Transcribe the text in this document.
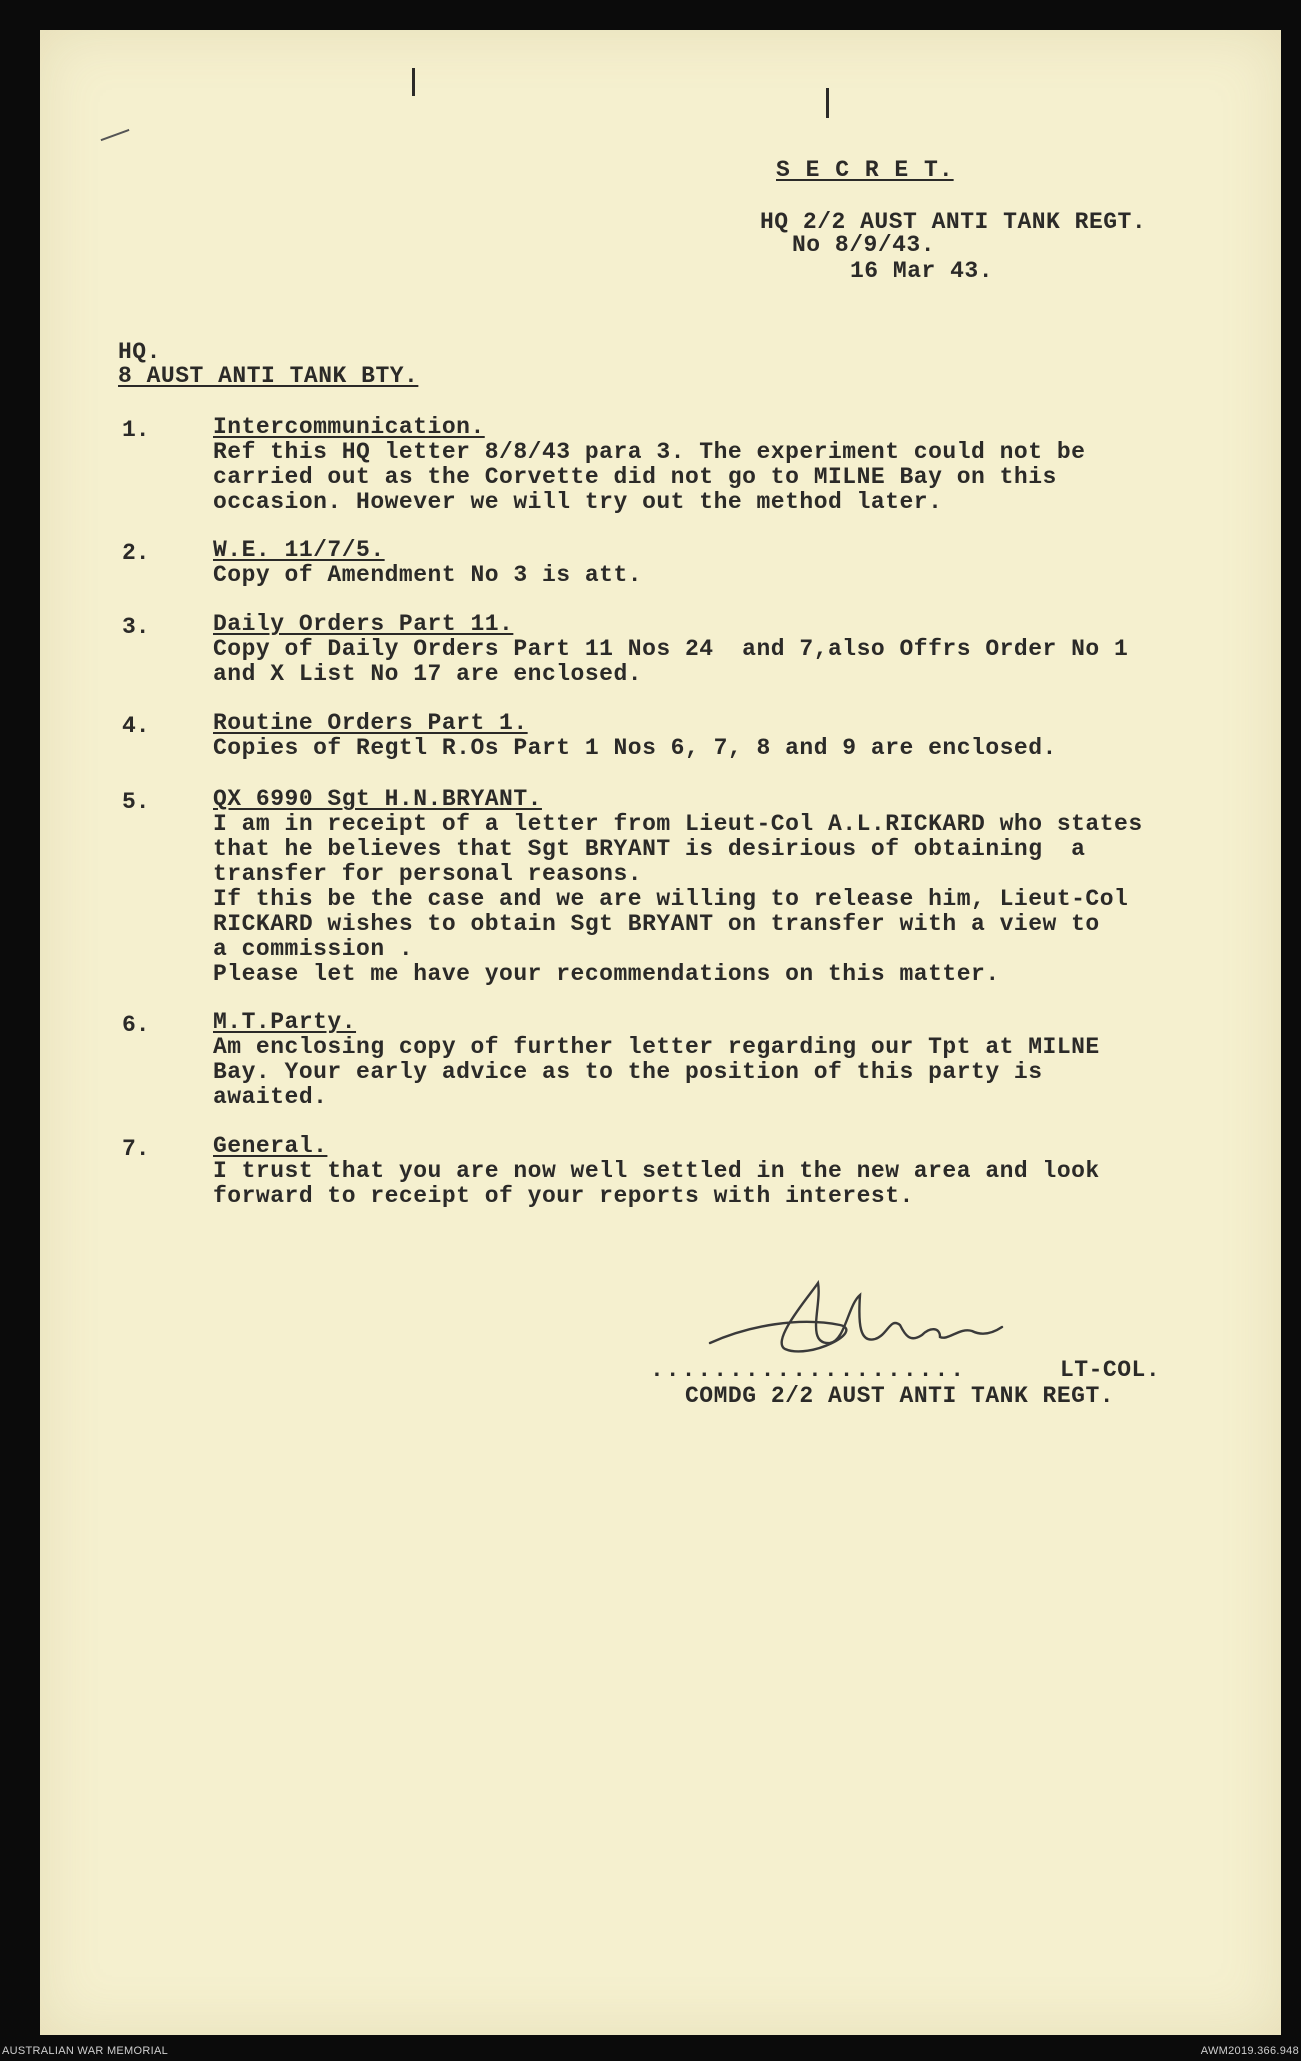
S E C R E T.
HQ 2/2 AUST ANTI TANK REGT.
No 8/9/43.
16 Mar 43.
HQ.
8 AUST ANTI TANK BTY.
1.	Intercommunication.
Ref this HQ letter 8/8/43 para 3. The experiment could not be
carried out as the Corvette did not go to MILNE Bay on this
occasion. However we will try out the method later.
2.	W.E. 11/7/5.
Copy of Amendment No 3 is att.
3.	Daily Orders Part 11.
Copy of Daily Orders Part 11 Nos 24  and 7,also Offrs Order No 1
and X List No 17 are enclosed.
4.	Routine Orders Part 1.
Copies of Regtl R.Os Part 1 Nos 6, 7, 8 and 9 are enclosed.
5.	QX 6990 Sgt H.N.BRYANT.
I am in receipt of a letter from Lieut-Col A.L.RICKARD who states
that he believes that Sgt BRYANT is desirious of obtaining  a
transfer for personal reasons.
If this be the case and we are willing to release him, Lieut-Col
RICKARD wishes to obtain Sgt BRYANT on transfer with a view to
a commission .
Please let me have your recommendations on this matter.
6.	M.T.Party.
Am enclosing copy of further letter regarding our Tpt at MILNE
Bay. Your early advice as to the position of this party is
awaited.
7.	General.
I trust that you are now well settled in the new area and look
forward to receipt of your reports with interest.
....................	LT-COL.
COMDG 2/2 AUST ANTI TANK REGT.
AUSTRALIAN WAR MEMORIAL	AWM2019.366.948
